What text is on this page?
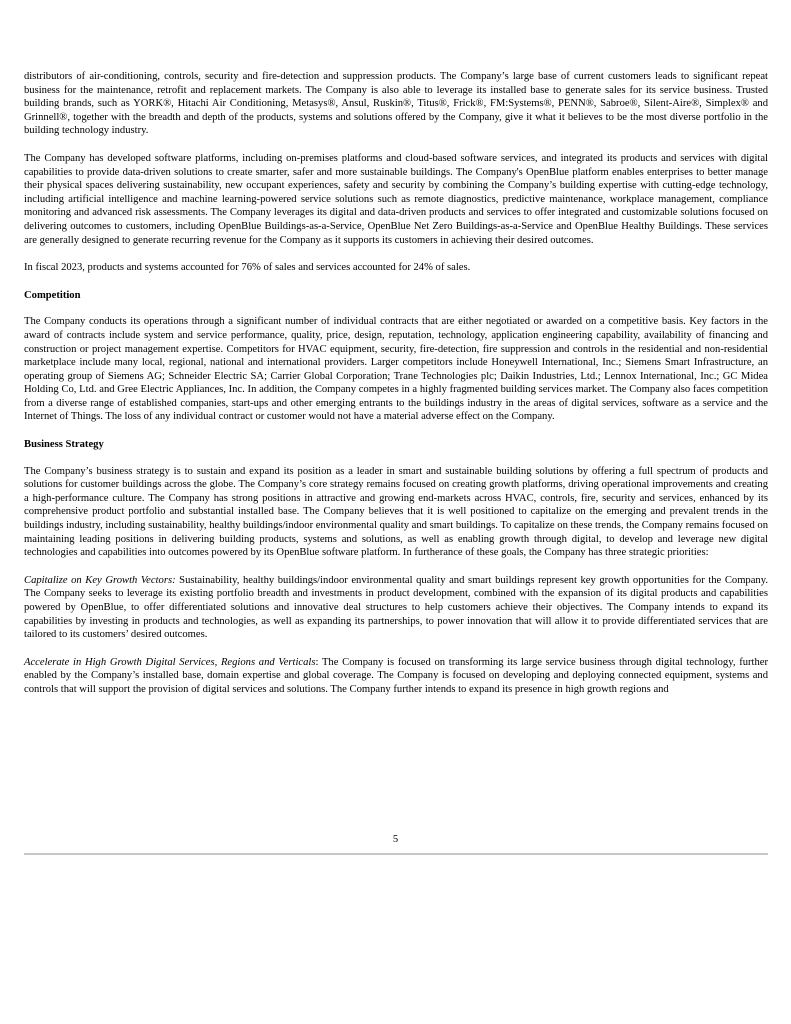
distributors of air-conditioning, controls, security and fire-detection and suppression products. The Company’s large base of current customers leads to significant repeat business for the maintenance, retrofit and replacement markets. The Company is also able to leverage its installed base to generate sales for its service business. Trusted building brands, such as YORK®, Hitachi Air Conditioning, Metasys®, Ansul, Ruskin®, Titus®, Frick®, FM:Systems®, PENN®, Sabroe®, Silent-Aire®, Simplex® and Grinnell®, together with the breadth and depth of the products, systems and solutions offered by the Company, give it what it believes to be the most diverse portfolio in the building technology industry.

The Company has developed software platforms, including on-premises platforms and cloud-based software services, and integrated its products and services with digital capabilities to provide data-driven solutions to create smarter, safer and more sustainable buildings. The Company's OpenBlue platform enables enterprises to better manage their physical spaces delivering sustainability, new occupant experiences, safety and security by combining the Company’s building expertise with cutting-edge technology, including artificial intelligence and machine learning-powered service solutions such as remote diagnostics, predictive maintenance, workplace management, compliance monitoring and advanced risk assessments. The Company leverages its digital and data-driven products and services to offer integrated and customizable solutions focused on delivering outcomes to customers, including OpenBlue Buildings-as-a-Service, OpenBlue Net Zero Buildings-as-a-Service and OpenBlue Healthy Buildings. These services are generally designed to generate recurring revenue for the Company as it supports its customers in achieving their desired outcomes.

In fiscal 2023, products and systems accounted for 76% of sales and services accounted for 24% of sales.

Competition

The Company conducts its operations through a significant number of individual contracts that are either negotiated or awarded on a competitive basis. Key factors in the award of contracts include system and service performance, quality, price, design, reputation, technology, application engineering capability, availability of financing and construction or project management expertise. Competitors for HVAC equipment, security, fire-detection, fire suppression and controls in the residential and non-residential marketplace include many local, regional, national and international providers. Larger competitors include Honeywell International, Inc.; Siemens Smart Infrastructure, an operating group of Siemens AG; Schneider Electric SA; Carrier Global Corporation; Trane Technologies plc; Daikin Industries, Ltd.; Lennox International, Inc.; GC Midea Holding Co, Ltd. and Gree Electric Appliances, Inc. In addition, the Company competes in a highly fragmented building services market. The Company also faces competition from a diverse range of established companies, start-ups and other emerging entrants to the buildings industry in the areas of digital services, software as a service and the Internet of Things. The loss of any individual contract or customer would not have a material adverse effect on the Company.

Business Strategy

The Company’s business strategy is to sustain and expand its position as a leader in smart and sustainable building solutions by offering a full spectrum of products and solutions for customer buildings across the globe. The Company’s core strategy remains focused on creating growth platforms, driving operational improvements and creating a high-performance culture. The Company has strong positions in attractive and growing end-markets across HVAC, controls, fire, security and services, enhanced by its comprehensive product portfolio and substantial installed base. The Company believes that it is well positioned to capitalize on the emerging and prevalent trends in the buildings industry, including sustainability, healthy buildings/indoor environmental quality and smart buildings. To capitalize on these trends, the Company remains focused on maintaining leading positions in delivering building products, systems and solutions, as well as enabling growth through digital, to develop and leverage new digital technologies and capabilities into outcomes powered by its OpenBlue software platform. In furtherance of these goals, the Company has three strategic priorities:

Capitalize on Key Growth Vectors: Sustainability, healthy buildings/indoor environmental quality and smart buildings represent key growth opportunities for the Company. The Company seeks to leverage its existing portfolio breadth and investments in product development, combined with the expansion of its digital products and capabilities powered by OpenBlue, to offer differentiated solutions and innovative deal structures to help customers achieve their objectives. The Company intends to expand its capabilities by investing in products and technologies, as well as expanding its partnerships, to power innovation that will allow it to provide differentiated services that are tailored to its customers’ desired outcomes.

Accelerate in High Growth Digital Services, Regions and Verticals: The Company is focused on transforming its large service business through digital technology, further enabled by the Company’s installed base, domain expertise and global coverage. The Company is focused on developing and deploying connected equipment, systems and controls that will support the provision of digital services and solutions. The Company further intends to expand its presence in high growth regions and

5
